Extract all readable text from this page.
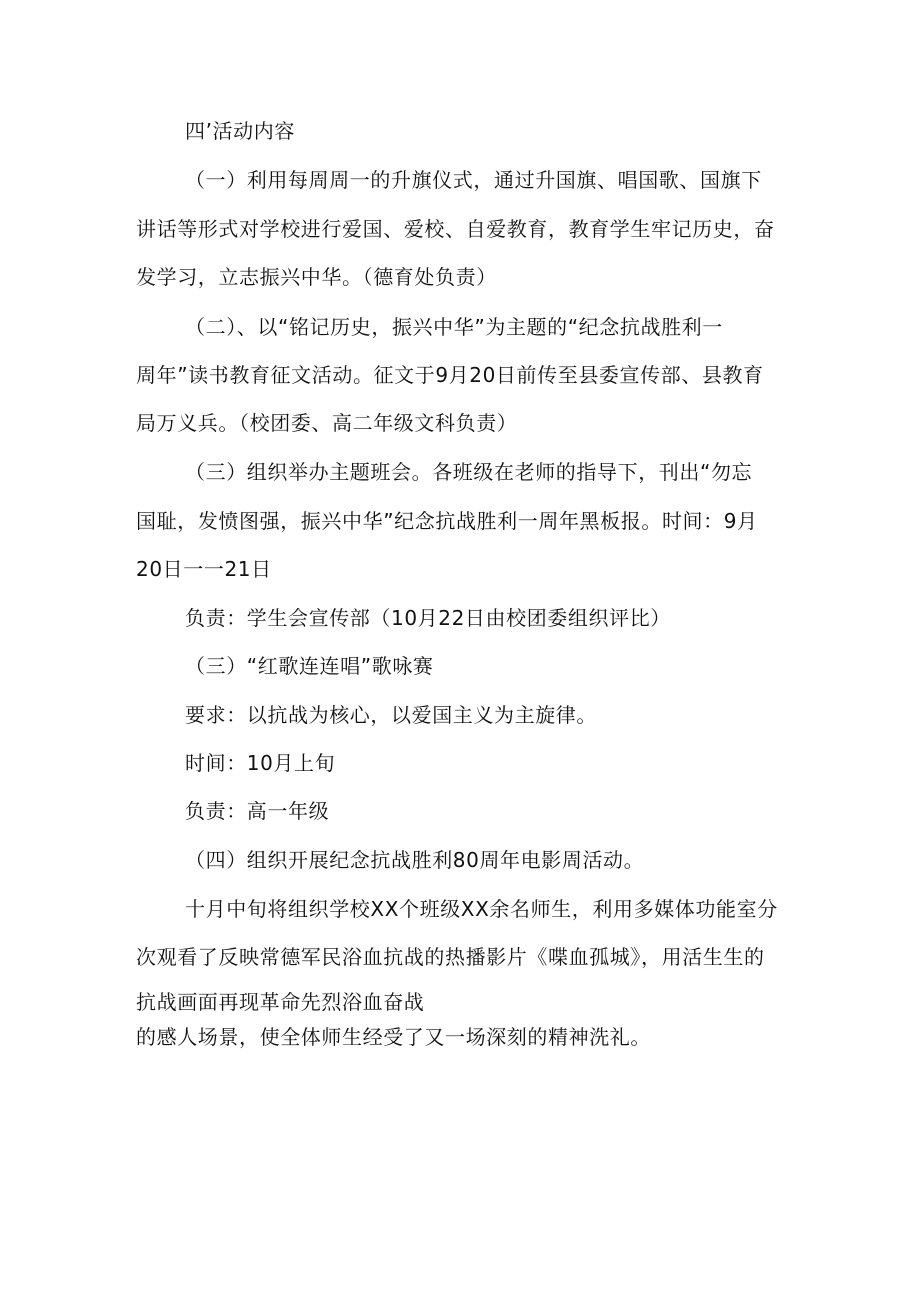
四’活动内容
（一）利用每周周一的升旗仪式，通过升国旗、唱国歌、国旗下
讲话等形式对学校进行爱国、爱校、自爱教育，教育学生牢记历史，奋
发学习，立志振兴中华。（德育处负责）
（二）、以“铭记历史，振兴中华”为主题的“纪念抗战胜利一
周年”读书教育征文活动。征文于9月20日前传至县委宣传部、县教育
局万义兵。（校团委、高二年级文科负责）
（三）组织举办主题班会。各班级在老师的指导下，刊出“勿忘
国耻，发愤图强，振兴中华”纪念抗战胜利一周年黑板报。时间：9月
20日一一21日
负责：学生会宣传部（10月22日由校团委组织评比）
（三）“红歌连连唱”歌咏赛
要求：以抗战为核心，以爱国主义为主旋律。
时间：10月上旬
负责：高一年级
（四）组织开展纪念抗战胜利80周年电影周活动。
十月中旬将组织学校XX个班级XX余名师生，利用多媒体功能室分
次观看了反映常德军民浴血抗战的热播影片《喋血孤城》，用活生生的
抗战画面再现革命先烈浴血奋战
的感人场景，使全体师生经受了又一场深刻的精神洗礼。
